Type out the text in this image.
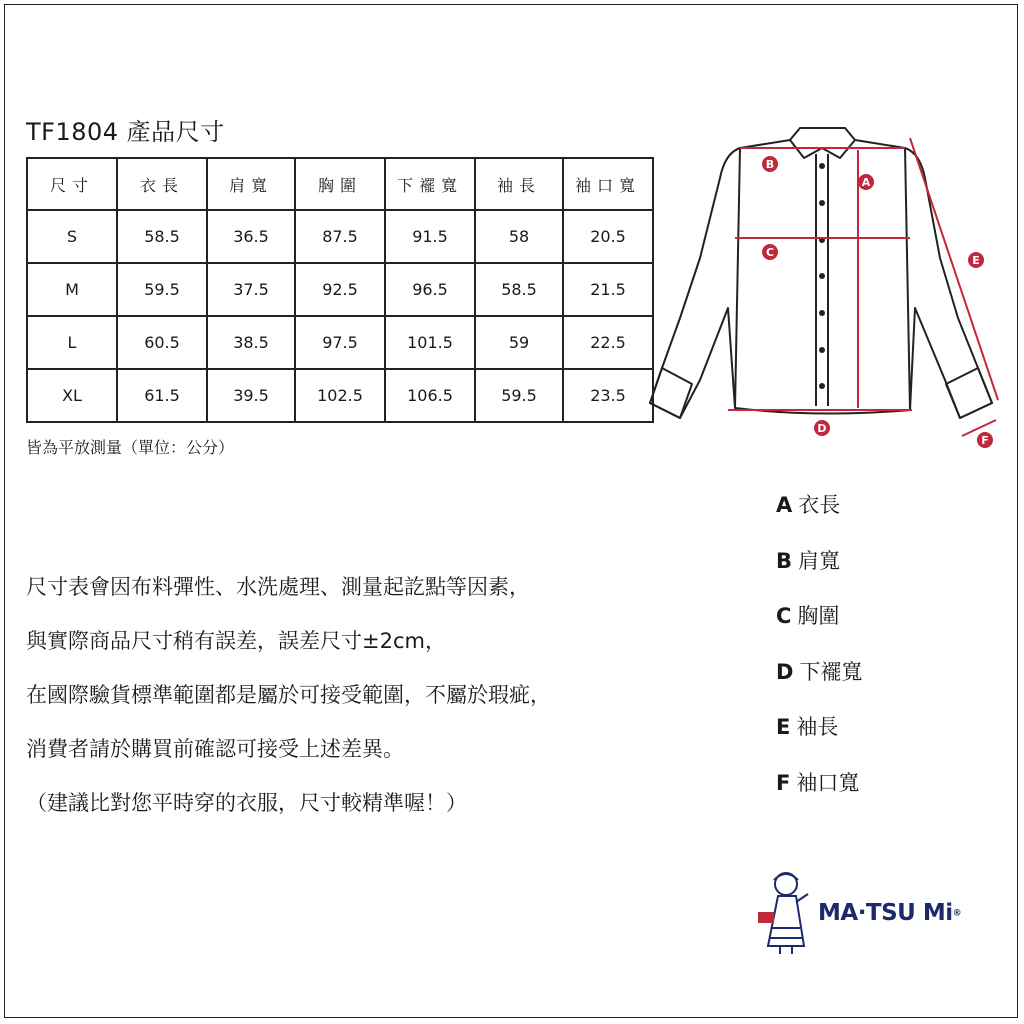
TF1804 產品尺寸
尺寸	衣長	肩寬	胸圍	下襬寬	袖長	袖口寬
S	58.5	36.5	87.5	91.5	58	20.5
M	59.5	37.5	92.5	96.5	58.5	21.5
L	60.5	38.5	97.5	101.5	59	22.5
XL	61.5	39.5	102.5	106.5	59.5	23.5
皆為平放測量（單位：公分）
尺寸表會因布料彈性、水洗處理、測量起訖點等因素，
與實際商品尺寸稍有誤差，誤差尺寸±2cm，
在國際驗貨標準範圍都是屬於可接受範圍，不屬於瑕疵，
消費者請於購買前確認可接受上述差異。
（建議比對您平時穿的衣服，尺寸較精準喔！）
A 衣長
B 肩寬
C 胸圍
D 下襬寬
E 袖長
F 袖口寬
B
A
C
E
D
F
MA·TSU Mi®
